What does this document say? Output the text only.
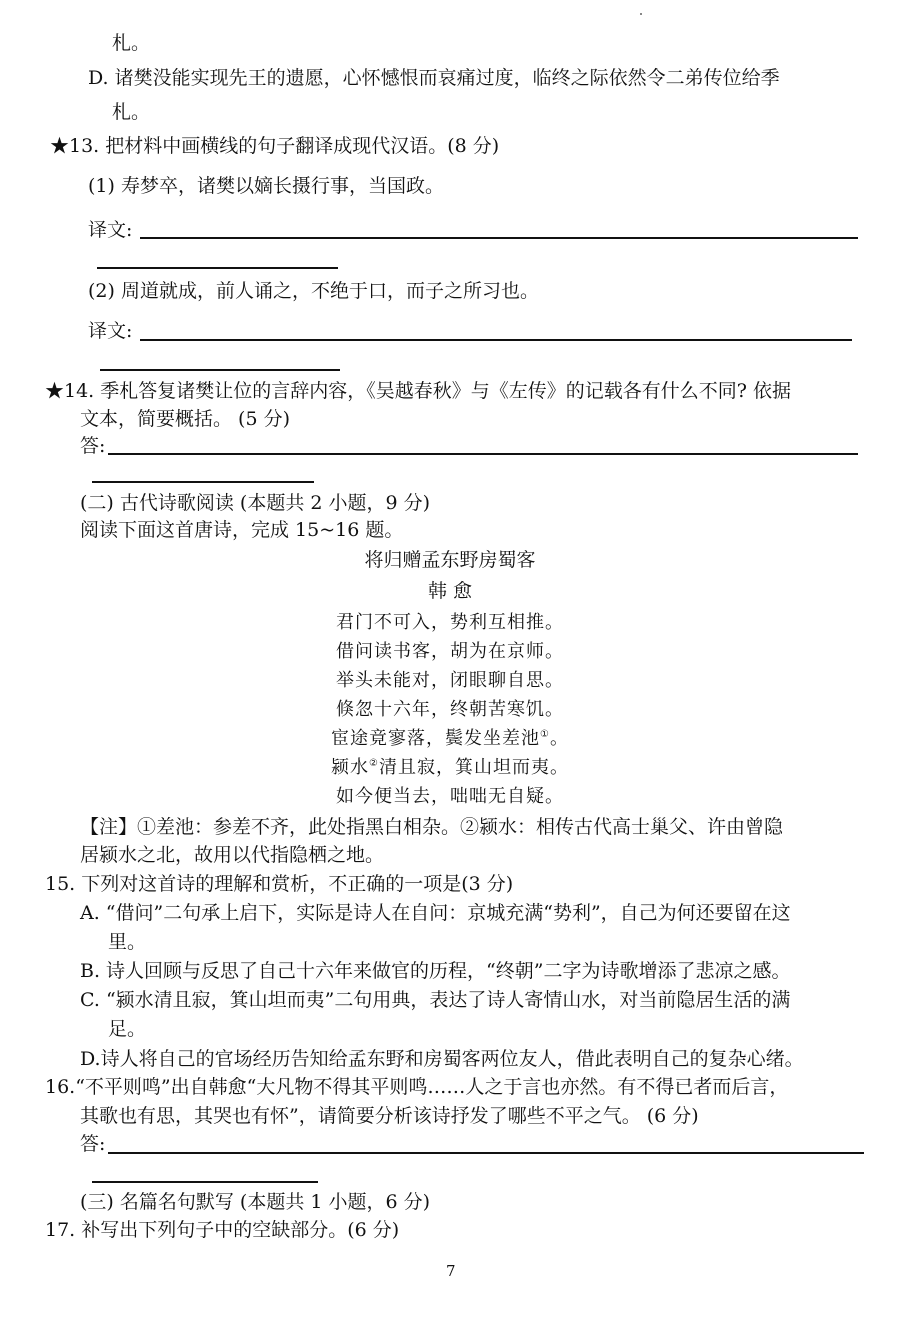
札。
D. 诸樊没能实现先王的遗愿，心怀憾恨而哀痛过度，临终之际依然令二弟传位给季
札。
★13. 把材料中画横线的句子翻译成现代汉语。(8 分)
(1) 寿梦卒，诸樊以嫡长摄行事，当国政。
译文:
(2) 周道就成，前人诵之，不绝于口，而子之所习也。
译文:
★14. 季札答复诸樊让位的言辞内容，《吴越春秋》与《左传》的记载各有什么不同? 依据
文本，简要概括。 (5 分)
答:
(二) 古代诗歌阅读 (本题共 2 小题，9 分)
阅读下面这首唐诗，完成 15~16 题。
将归赠孟东野房蜀客
韩 愈
君门不可入，势利互相推。
借问读书客，胡为在京师。
举头未能对，闭眼聊自思。
倏忽十六年，终朝苦寒饥。
宦途竟寥落，鬓发坐差池①。
颍水②清且寂，箕山坦而夷。
如今便当去，咄咄无自疑。
【注】①差池：参差不齐，此处指黑白相杂。②颍水：相传古代高士巢父、许由曾隐
居颍水之北，故用以代指隐栖之地。
15. 下列对这首诗的理解和赏析，不正确的一项是(3 分)
A. “借问”二句承上启下，实际是诗人在自问：京城充满“势利”，自己为何还要留在这
里。
B. 诗人回顾与反思了自己十六年来做官的历程，“终朝”二字为诗歌增添了悲凉之感。
C. “颍水清且寂，箕山坦而夷”二句用典，表达了诗人寄情山水，对当前隐居生活的满
足。
D.诗人将自己的官场经历告知给孟东野和房蜀客两位友人，借此表明自己的复杂心绪。
16.“不平则鸣”出自韩愈“大凡物不得其平则鸣……人之于言也亦然。有不得已者而后言，
其歌也有思，其哭也有怀”，请简要分析该诗抒发了哪些不平之气。 (6 分)
答:
(三) 名篇名句默写 (本题共 1 小题，6 分)
17. 补写出下列句子中的空缺部分。(6 分)
7
